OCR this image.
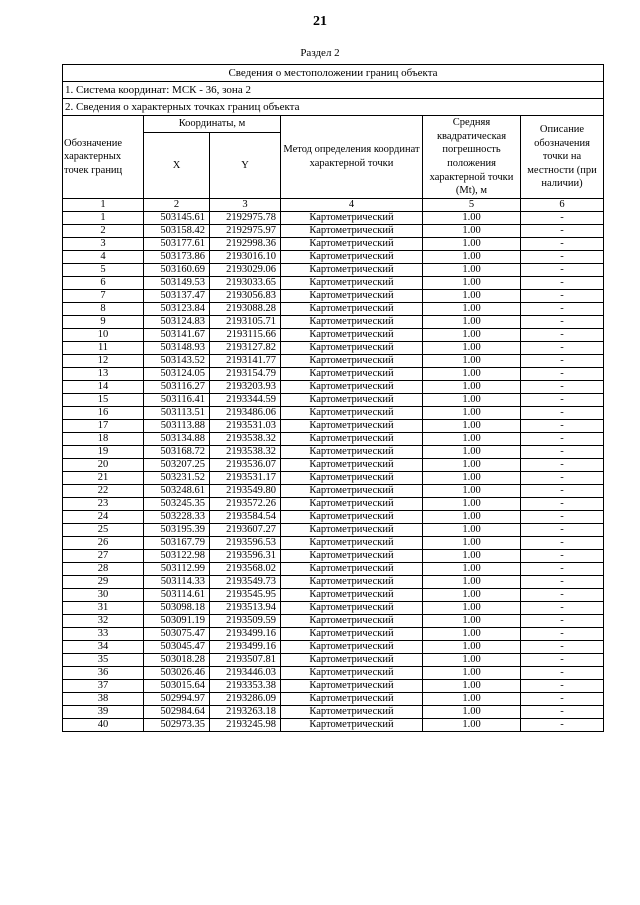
21
Раздел 2
Сведения о местоположении границ объекта					
1. Система координат: МСК - 36, зона 2					
2. Сведения о характерных точках границ объекта					
Обозначение характерных точек границ	Координаты, м		Метод определения координат характерной точки	Средняя квадратическая погрешность положения характерной точки (Mt), м	Описание обозначения точки на местности (при наличии)
	X	Y			
1	2	3	4	5	6
1	503145.61	2192975.78	Картометрический	1.00	-
2	503158.42	2192975.97	Картометрический	1.00	-
3	503177.61	2192998.36	Картометрический	1.00	-
4	503173.86	2193016.10	Картометрический	1.00	-
5	503160.69	2193029.06	Картометрический	1.00	-
6	503149.53	2193033.65	Картометрический	1.00	-
7	503137.47	2193056.83	Картометрический	1.00	-
8	503123.84	2193088.28	Картометрический	1.00	-
9	503124.83	2193105.71	Картометрический	1.00	-
10	503141.67	2193115.66	Картометрический	1.00	-
11	503148.93	2193127.82	Картометрический	1.00	-
12	503143.52	2193141.77	Картометрический	1.00	-
13	503124.05	2193154.79	Картометрический	1.00	-
14	503116.27	2193203.93	Картометрический	1.00	-
15	503116.41	2193344.59	Картометрический	1.00	-
16	503113.51	2193486.06	Картометрический	1.00	-
17	503113.88	2193531.03	Картометрический	1.00	-
18	503134.88	2193538.32	Картометрический	1.00	-
19	503168.72	2193538.32	Картометрический	1.00	-
20	503207.25	2193536.07	Картометрический	1.00	-
21	503231.52	2193531.17	Картометрический	1.00	-
22	503248.61	2193549.80	Картометрический	1.00	-
23	503245.35	2193572.26	Картометрический	1.00	-
24	503228.33	2193584.54	Картометрический	1.00	-
25	503195.39	2193607.27	Картометрический	1.00	-
26	503167.79	2193596.53	Картометрический	1.00	-
27	503122.98	2193596.31	Картометрический	1.00	-
28	503112.99	2193568.02	Картометрический	1.00	-
29	503114.33	2193549.73	Картометрический	1.00	-
30	503114.61	2193545.95	Картометрический	1.00	-
31	503098.18	2193513.94	Картометрический	1.00	-
32	503091.19	2193509.59	Картометрический	1.00	-
33	503075.47	2193499.16	Картометрический	1.00	-
34	503045.47	2193499.16	Картометрический	1.00	-
35	503018.28	2193507.81	Картометрический	1.00	-
36	503026.46	2193446.03	Картометрический	1.00	-
37	503015.64	2193353.38	Картометрический	1.00	-
38	502994.97	2193286.09	Картометрический	1.00	-
39	502984.64	2193263.18	Картометрический	1.00	-
40	502973.35	2193245.98	Картометрический	1.00	-
